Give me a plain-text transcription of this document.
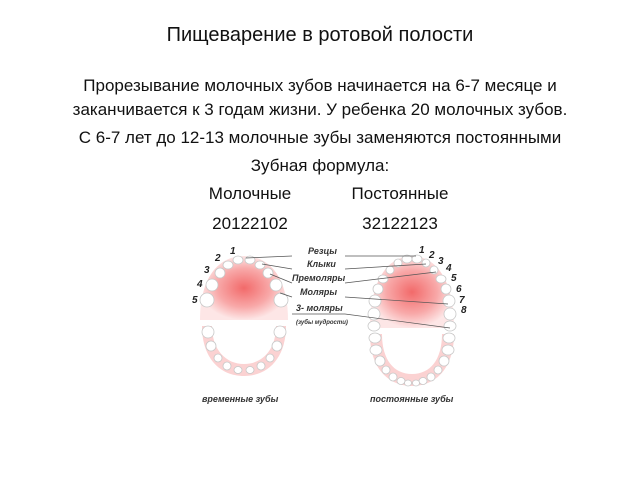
Пищеварение в ротовой полости
Прорезывание молочных зубов начинается на 6-7 месяце и заканчивается к 3 годам жизни. У ребенка 20 молочных зубов.
С 6-7 лет до 12-13 молочные зубы заменяются постоянными
Зубная формула:
Молочные	Постоянные
20122102	32122123
Резцы
Клыки
Премоляры
Моляры
3- моляры
(зубы мудрости)
1
2
3
4
5
1 2
3
4
5
6
7
8
временные зубы	постоянные зубы
